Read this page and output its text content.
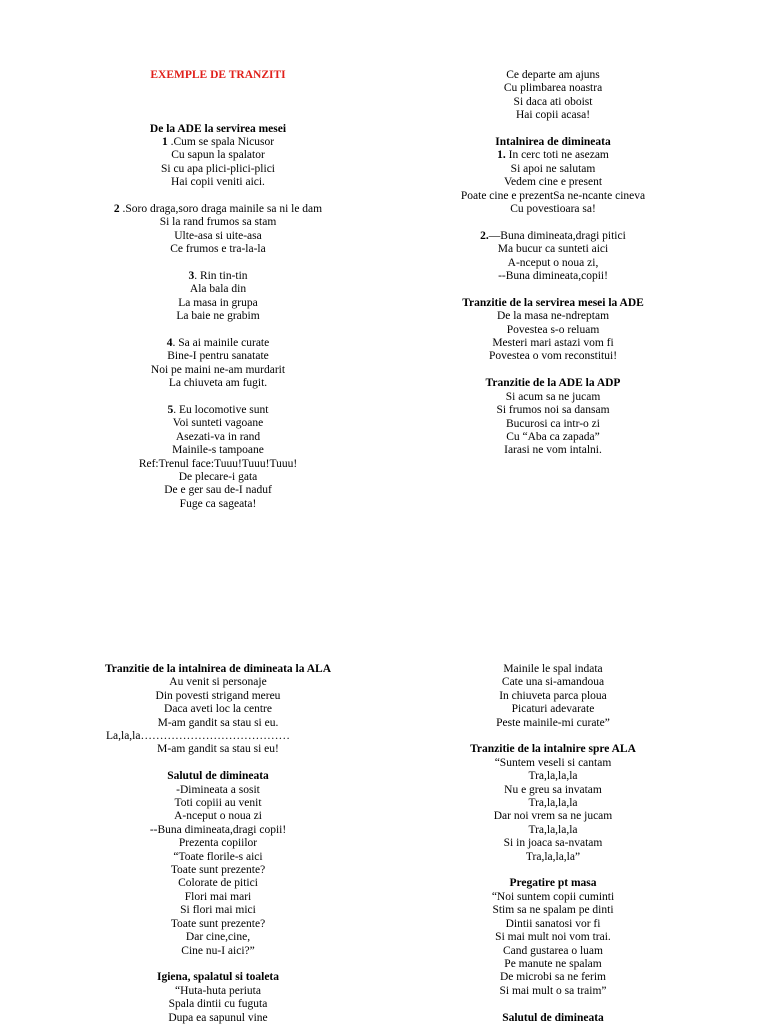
EXEMPLE DE TRANZITI
De la ADE la servirea mesei
1 .Cum se spala Nicusor
Cu sapun la spalator
Si cu apa plici-plici-plici
Hai copii veniti aici.
2 .Soro draga,soro draga mainile sa ni le dam
Si la rand frumos sa stam
Ulte-asa si uite-asa
Ce frumos e tra-la-la
3. Rin tin-tin
Ala bala din
La masa in grupa
La baie ne grabim
4. Sa ai mainile curate
Bine-I pentru sanatate
Noi pe maini ne-am murdarit
La chiuveta am fugit.
5. Eu locomotive sunt
Voi sunteti vagoane
Asezati-va in rand
Mainile-s tampoane
Ref:Trenul face:Tuuu!Tuuu!Tuuu!
De plecare-i gata
De e ger sau de-I naduf
Fuge ca sageata!
Ce departe am ajuns
Cu plimbarea noastra
Si daca ati oboist
Hai copii acasa!
Intalnirea de dimineata
1. In cerc toti ne asezam
Si apoi ne salutam
Vedem cine e present
Poate cine e prezentSa ne-ncante cineva
Cu povestioara sa!
2.—Buna dimineata,dragi pitici
Ma bucur ca sunteti aici
A-nceput o noua zi,
--Buna dimineata,copii!
Tranzitie de la servirea mesei la ADE
De la masa ne-ndreptam
Povestea s-o reluam
Mesteri mari astazi vom fi
Povestea o vom reconstitui!
Tranzitie de la ADE la ADP
Si acum sa ne jucam
Si frumos noi sa dansam
Bucurosi ca intr-o zi
Cu “Aba ca zapada”
Iarasi ne vom intalni.
Tranzitie de la intalnirea de dimineata la ALA
Au venit si personaje
Din povesti strigand mereu
Daca aveti loc la centre
M-am gandit sa stau si eu.
La,la,la…………………………………
M-am gandit sa stau si eu!
Salutul de dimineata
-Dimineata a sosit
Toti copiii au venit
A-nceput o noua zi
--Buna dimineata,dragi copii!
Prezenta copiilor
“Toate florile-s aici
Toate sunt prezente?
Colorate de pitici
Flori mai mari
Si flori mai mici
Toate sunt prezente?
Dar cine,cine,
Cine nu-I aici?”
Igiena, spalatul si toaleta
“Huta-huta periuta
Spala dintii cu fuguta
Dupa ea sapunul vine
Mainile le spal indata
Cate una si-amandoua
In chiuveta parca ploua
Picaturi adevarate
Peste mainile-mi curate”
Tranzitie de la intalnire spre ALA
“Suntem veseli si cantam
Tra,la,la,la
Nu e greu sa invatam
Tra,la,la,la
Dar noi vrem sa ne jucam
Tra,la,la,la
Si in joaca sa-nvatam
Tra,la,la,la”
Pregatire pt masa
“Noi suntem copii cuminti
Stim sa ne spalam pe dinti
Dintii sanatosi vor fi
Si mai mult noi vom trai.
Cand gustarea o luam
Pe manute ne spalam
De microbi sa ne ferim
Si mai mult o sa traim”
Salutul de dimineata
